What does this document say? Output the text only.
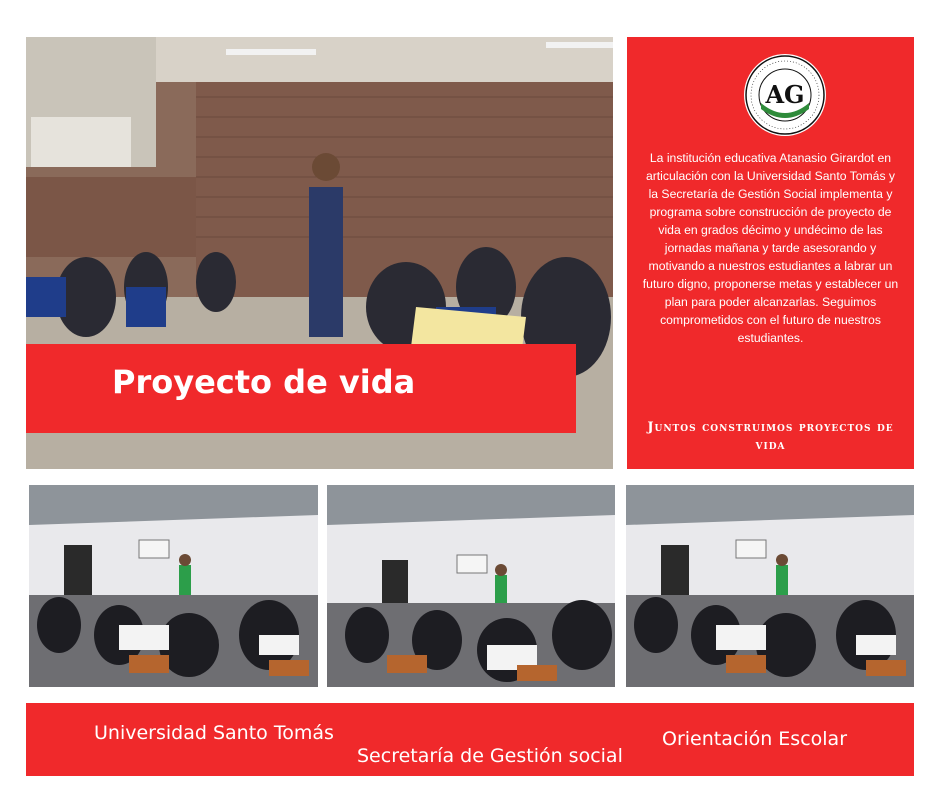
Proyecto de vida
AG

La institución educativa Atanasio Girardot en articulación con la Universidad Santo Tomás y la Secretaría de Gestión Social implementa y programa sobre construcción de proyecto de vida en grados décimo y undécimo de las jornadas mañana y tarde asesorando y motivando a nuestros estudiantes a labrar un futuro digno, proponerse metas y establecer un plan para poder alcanzarlas. Seguimos comprometidos con el futuro de nuestros estudiantes.

Juntos construimos proyectos de vida

Universidad Santo Tomás
Secretaría de Gestión social
Orientación Escolar
